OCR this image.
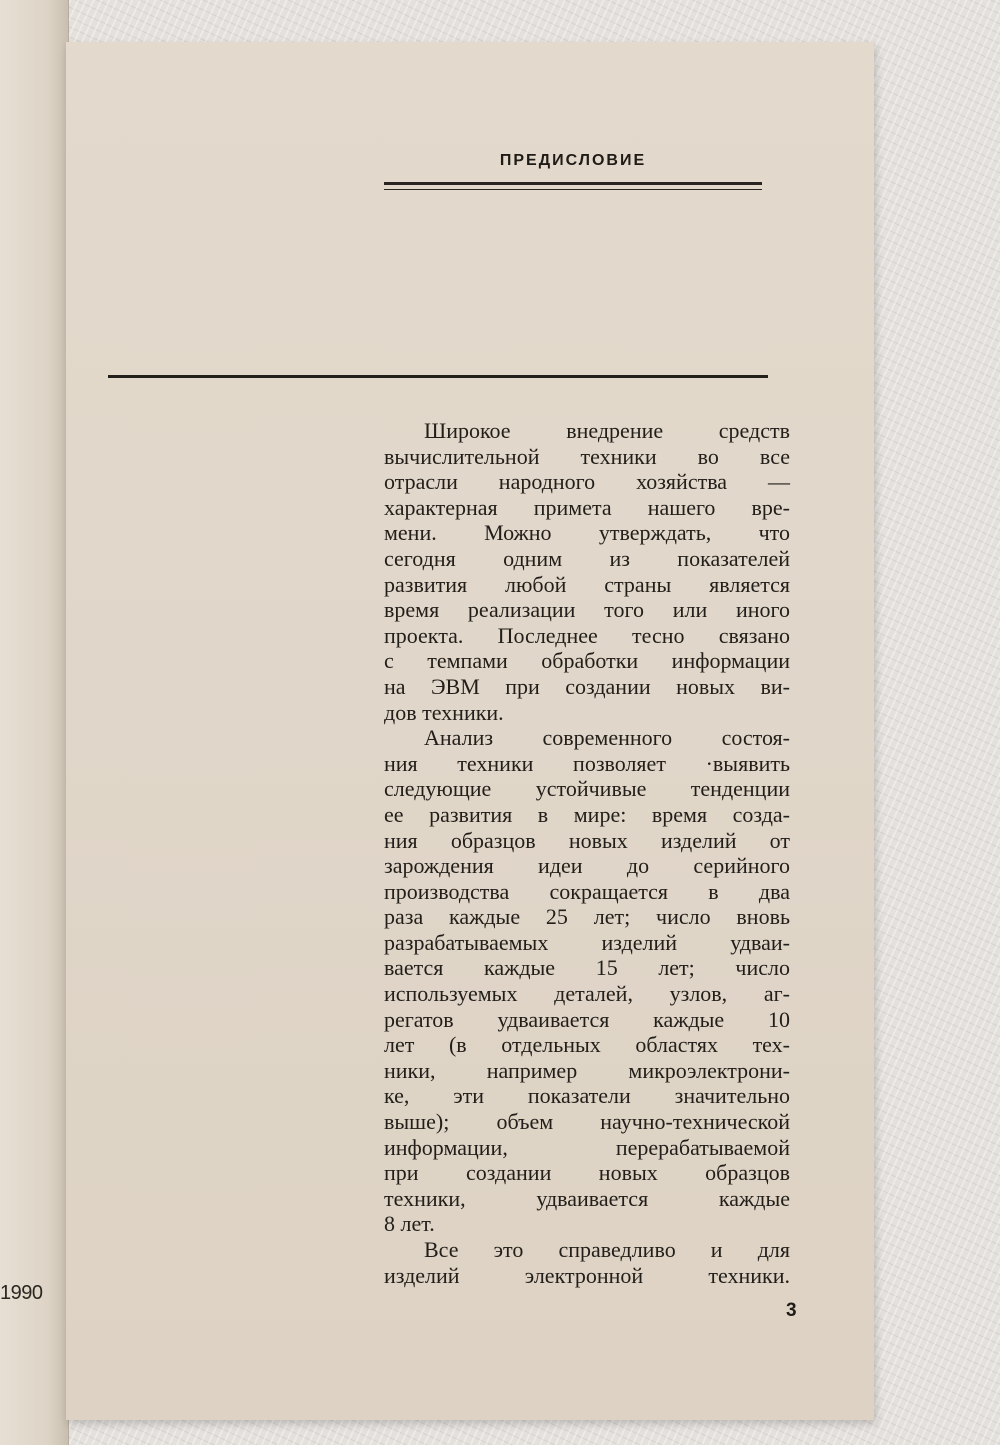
1990
ПРЕДИСЛОВИЕ
Широкое внедрение средств
вычислительной техники во все
отрасли народного хозяйства —
характерная примета нашего вре-
мени. Можно утверждать, что
сегодня одним из показателей
развития любой страны является
время реализации того или иного
проекта. Последнее тесно связано
с темпами обработки информации
на ЭВМ при создании новых ви-
дов техники.
Анализ современного состоя-
ния техники позволяет ·выявить
следующие устойчивые тенденции
ее развития в мире: время созда-
ния образцов новых изделий от
зарождения идеи до серийного
производства сокращается в два
раза каждые 25 лет; число вновь
разрабатываемых изделий удваи-
вается каждые 15 лет; число
используемых деталей, узлов, аг-
регатов удваивается каждые 10
лет (в отдельных областях тех-
ники, например микроэлектрони-
ке, эти показатели значительно
выше); объем научно-технической
информации, перерабатываемой
при создании новых образцов
техники, удваивается каждые
8 лет.
Все это справедливо и для
изделий электронной техники.
3
